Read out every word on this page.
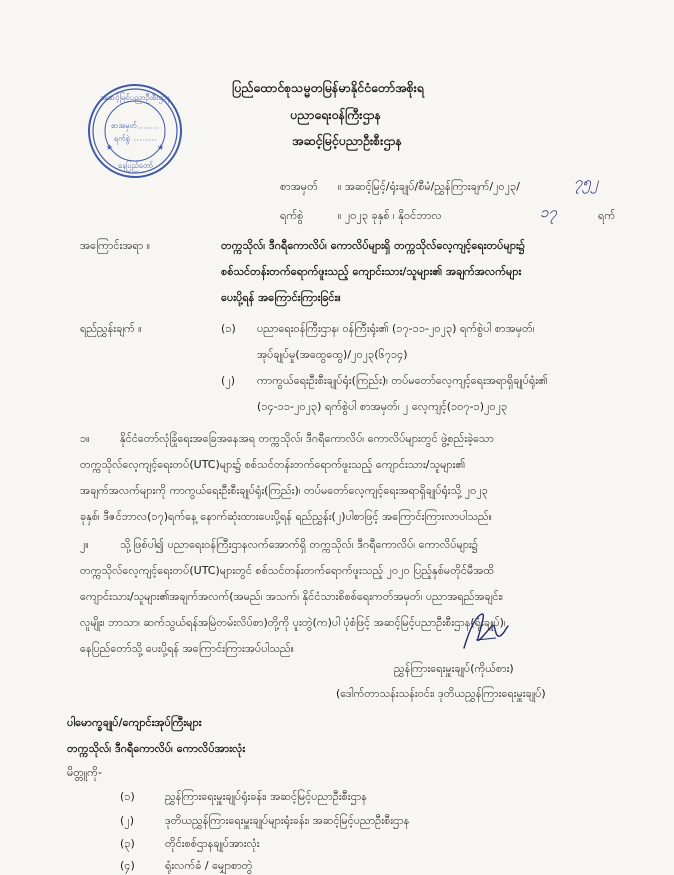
★	★
အဆင့်မြင့်ပညာဦးစီးဌာန
စာအမှတ်
ရက်စွဲ
နေပြည်တော်
ပြည်ထောင်စုသမ္မတမြန်မာနိုင်ငံတော်အစိုးရ
ပညာရေးဝန်ကြီးဌာန
အဆင့်မြင့်ပညာဦးစီးဌာန
စာအမှတ် ။ အဆင့်မြင့်/ရုံးချုပ်/စီမံ/ညွှန်ကြားချက်/၂၀၂၃/	၇၅၂
ရက်စွဲ	။ ၂၀၂၃ ခုနှစ် ၊ နိုဝင်ဘာလ	၁၇	ရက်
အကြောင်းအရာ ။	တက္ကသိုလ်၊ ဒီဂရီကောလိပ်၊ ကောလိပ်များရှိ တက္ကသိုလ်လေ့ကျင့်ရေးတပ်များ၌
စစ်သင်တန်းတက်ရောက်ဖူးသည့် ကျောင်းသား/သူများ၏ အချက်အလက်များ
ပေးပို့ရန် အကြောင်းကြားခြင်း။
ရည်ညွှန်းချက် ။	(၁) ပညာရေးဝန်ကြီးဌာန၊ ဝန်ကြီးရုံး၏ (၁၇-၁၁-၂၀၂၃) ရက်စွဲပါ စာအမှတ်၊
အုပ်ချုပ်မှု(အထွေထွေ)/၂၀၂၃(၆၇၁၄)
(၂) ကာကွယ်ရေးဦးစီးချုပ်ရုံး(ကြည်း)၊ တပ်မတော်လေ့ကျင့်ရေးအရာရှိချုပ်ရုံး၏
(၁၄-၁၁-၂၀၂၃) ရက်စွဲပါ စာအမှတ်၊ ၂ လေ့ကျင့်(၁၀၇-၁)၂၀၂၃
၁။	နိုင်ငံတော်လုံခြုံရေးအခြေအနေအရ တက္ကသိုလ်၊ ဒီဂရီကောလိပ်၊ ကောလိပ်များတွင် ဖွဲ့စည်းခဲ့သော
တက္ကသိုလ်လေ့ကျင့်ရေးတပ်(UTC)များ၌ စစ်သင်တန်းတက်ရောက်ဖူးသည့် ကျောင်းသား/သူများ၏
အချက်အလက်များကို ကာကွယ်ရေးဦးစီးချုပ်ရုံး(ကြည်း)၊ တပ်မတော်လေ့ကျင့်ရေးအရာရှိချုပ်ရုံးသို့ ၂၀၂၃
ခုနှစ်၊ ဒီဇင်ဘာလ(၁၇)ရက်နေ့ နောက်ဆုံးထားပေးပို့ရန် ရည်ညွှန်း(၂)ပါစာဖြင့် အကြောင်းကြားလာပါသည်။
၂။	သို့ဖြစ်ပါ၍ ပညာရေးဝန်ကြီးဌာနလက်အောက်ရှိ တက္ကသိုလ်၊ ဒီဂရီကောလိပ်၊ ကောလိပ်များ၌
တက္ကသိုလ်လေ့ကျင့်ရေးတပ်(UTC)များတွင် စစ်သင်တန်းတက်ရောက်ဖူးသည့် ၂၀၂၀ ပြည့်နှစ်မတိုင်မီအထိ
ကျောင်းသား/သူများ၏အချက်အလက်(အမည်၊ အသက်၊ နိုင်ငံသားစိစစ်ရေးကတ်အမှတ်၊ ပညာအရည်အချင်း၊
လူမျိုး၊ ဘာသာ၊ ဆက်သွယ်ရန်အမြဲတမ်းလိပ်စာ)တို့ကို ပူးတွဲ(က)ပါ ပုံစံဖြင့် အဆင့်မြင့်ပညာဦးစီးဌာန(ရုံးချုပ်)၊
နေပြည်တော်သို့ ပေးပို့ရန် အကြောင်းကြားအပ်ပါသည်။
ညွှန်ကြားရေးမှူးချုပ်(ကိုယ်စား)
(ဒေါက်တာသန်းသန်းဝင်း၊ ဒုတိယညွှန်ကြားရေးမှူးချုပ်)
ပါမောက္ခချုပ်/ကျောင်းအုပ်ကြီးများ
တက္ကသိုလ်၊ ဒီဂရီကောလိပ်၊ ကောလိပ်အားလုံး
မိတ္တူကို-
(၁)	ညွှန်ကြားရေးမှူးချုပ်ရုံးခန်း၊ အဆင့်မြင့်ပညာဦးစီးဌာန
(၂)	ဒုတိယညွှန်ကြားရေးမှူးချုပ်များရုံးခန်း၊ အဆင့်မြင့်ပညာဦးစီးဌာန
(၃)	တိုင်းစစ်ဌာနချုပ်အားလုံး
(၄)	ရုံးလက်ခံ / မျှောစာတွဲ
